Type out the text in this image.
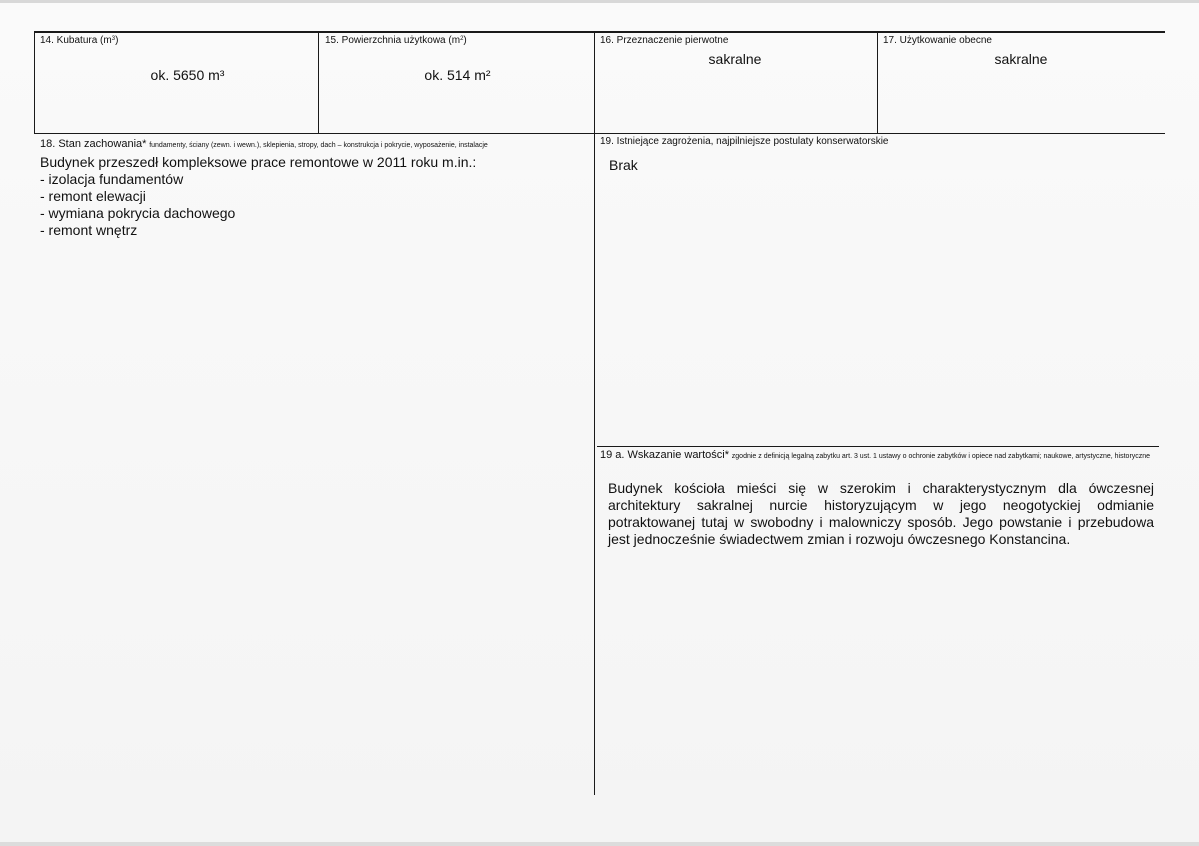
14. Kubatura $(m^3)$
ok. 5650 m³
15. Powierzchnia użytkowa $(m^2)$
ok. 514 m²
16. Przeznaczenie pierwotne
sakralne
17. Użytkowanie obecne
sakralne
18. Stan zachowania* fundamenty, ściany (zewn. i wewn.), sklepienia, stropy, dach – konstrukcja i pokrycie, wyposażenie, instalacje
Budynek przeszedł kompleksowe prace remontowe w 2011 roku m.in.:
- izolacja fundamentów
- remont elewacji
- wymiana pokrycia dachowego
- remont wnętrz
19. Istniejące zagrożenia, najpilniejsze postulaty konserwatorskie
Brak
19 a. Wskazanie wartości* zgodnie z definicją legalną zabytku art. 3 ust. 1 ustawy o ochronie zabytków i opiece nad zabytkami; naukowe, artystyczne, historyczne
Budynek kościoła mieści się w szerokim i charakterystycznym dla ówczesnej architektury sakralnej nurcie historyzującym w jego neogotyckiej odmianie potraktowanej tutaj w swobodny i malowniczy sposób. Jego powstanie i przebudowa jest jednocześnie świadectwem zmian i rozwoju ówczesnego Konstancina.
